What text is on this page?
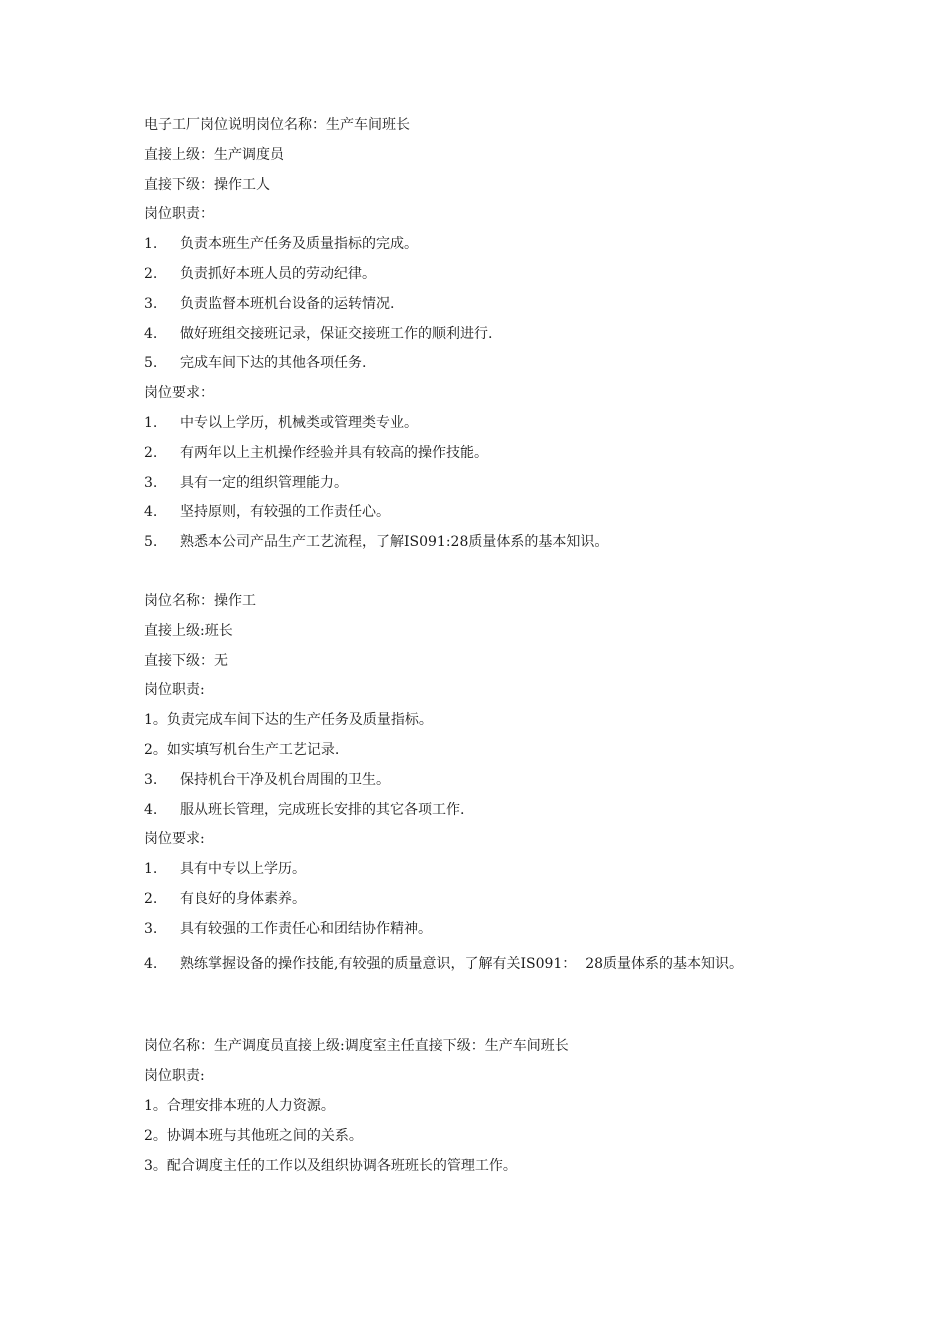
电子工厂岗位说明岗位名称：生产车间班长
直接上级：生产调度员
直接下级：操作工人
岗位职责：
1.	负责本班生产任务及质量指标的完成。
2.	负责抓好本班人员的劳动纪律。
3.	负责监督本班机台设备的运转情况.
4.	做好班组交接班记录，保证交接班工作的顺利进行.
5.	完成车间下达的其他各项任务.
岗位要求：
1.	中专以上学历，机械类或管理类专业。
2.	有两年以上主机操作经验并具有较高的操作技能。
3.	具有一定的组织管理能力。
4.	坚持原则，有较强的工作责任心。
5.	熟悉本公司产品生产工艺流程，了解IS091:28质量体系的基本知识。
岗位名称：操作工
直接上级:班长
直接下级：无
岗位职责:
1。 负责完成车间下达的生产任务及质量指标。
2。 如实填写机台生产工艺记录.
3.	保持机台干净及机台周围的卫生。
4.	服从班长管理，完成班长安排的其它各项工作.
岗位要求:
1.	具有中专以上学历。
2.	有良好的身体素养。
3.	具有较强的工作责任心和团结协作精神。
4. 熟练掌握设备的操作技能,有较强的质量意识，了解有关IS091：  28质量体系的基本知识。
岗位名称：生产调度员直接上级:调度室主任直接下级：生产车间班长
岗位职责:
1。 合理安排本班的人力资源。
2。 协调本班与其他班之间的关系。
3。 配合调度主任的工作以及组织协调各班班长的管理工作。
